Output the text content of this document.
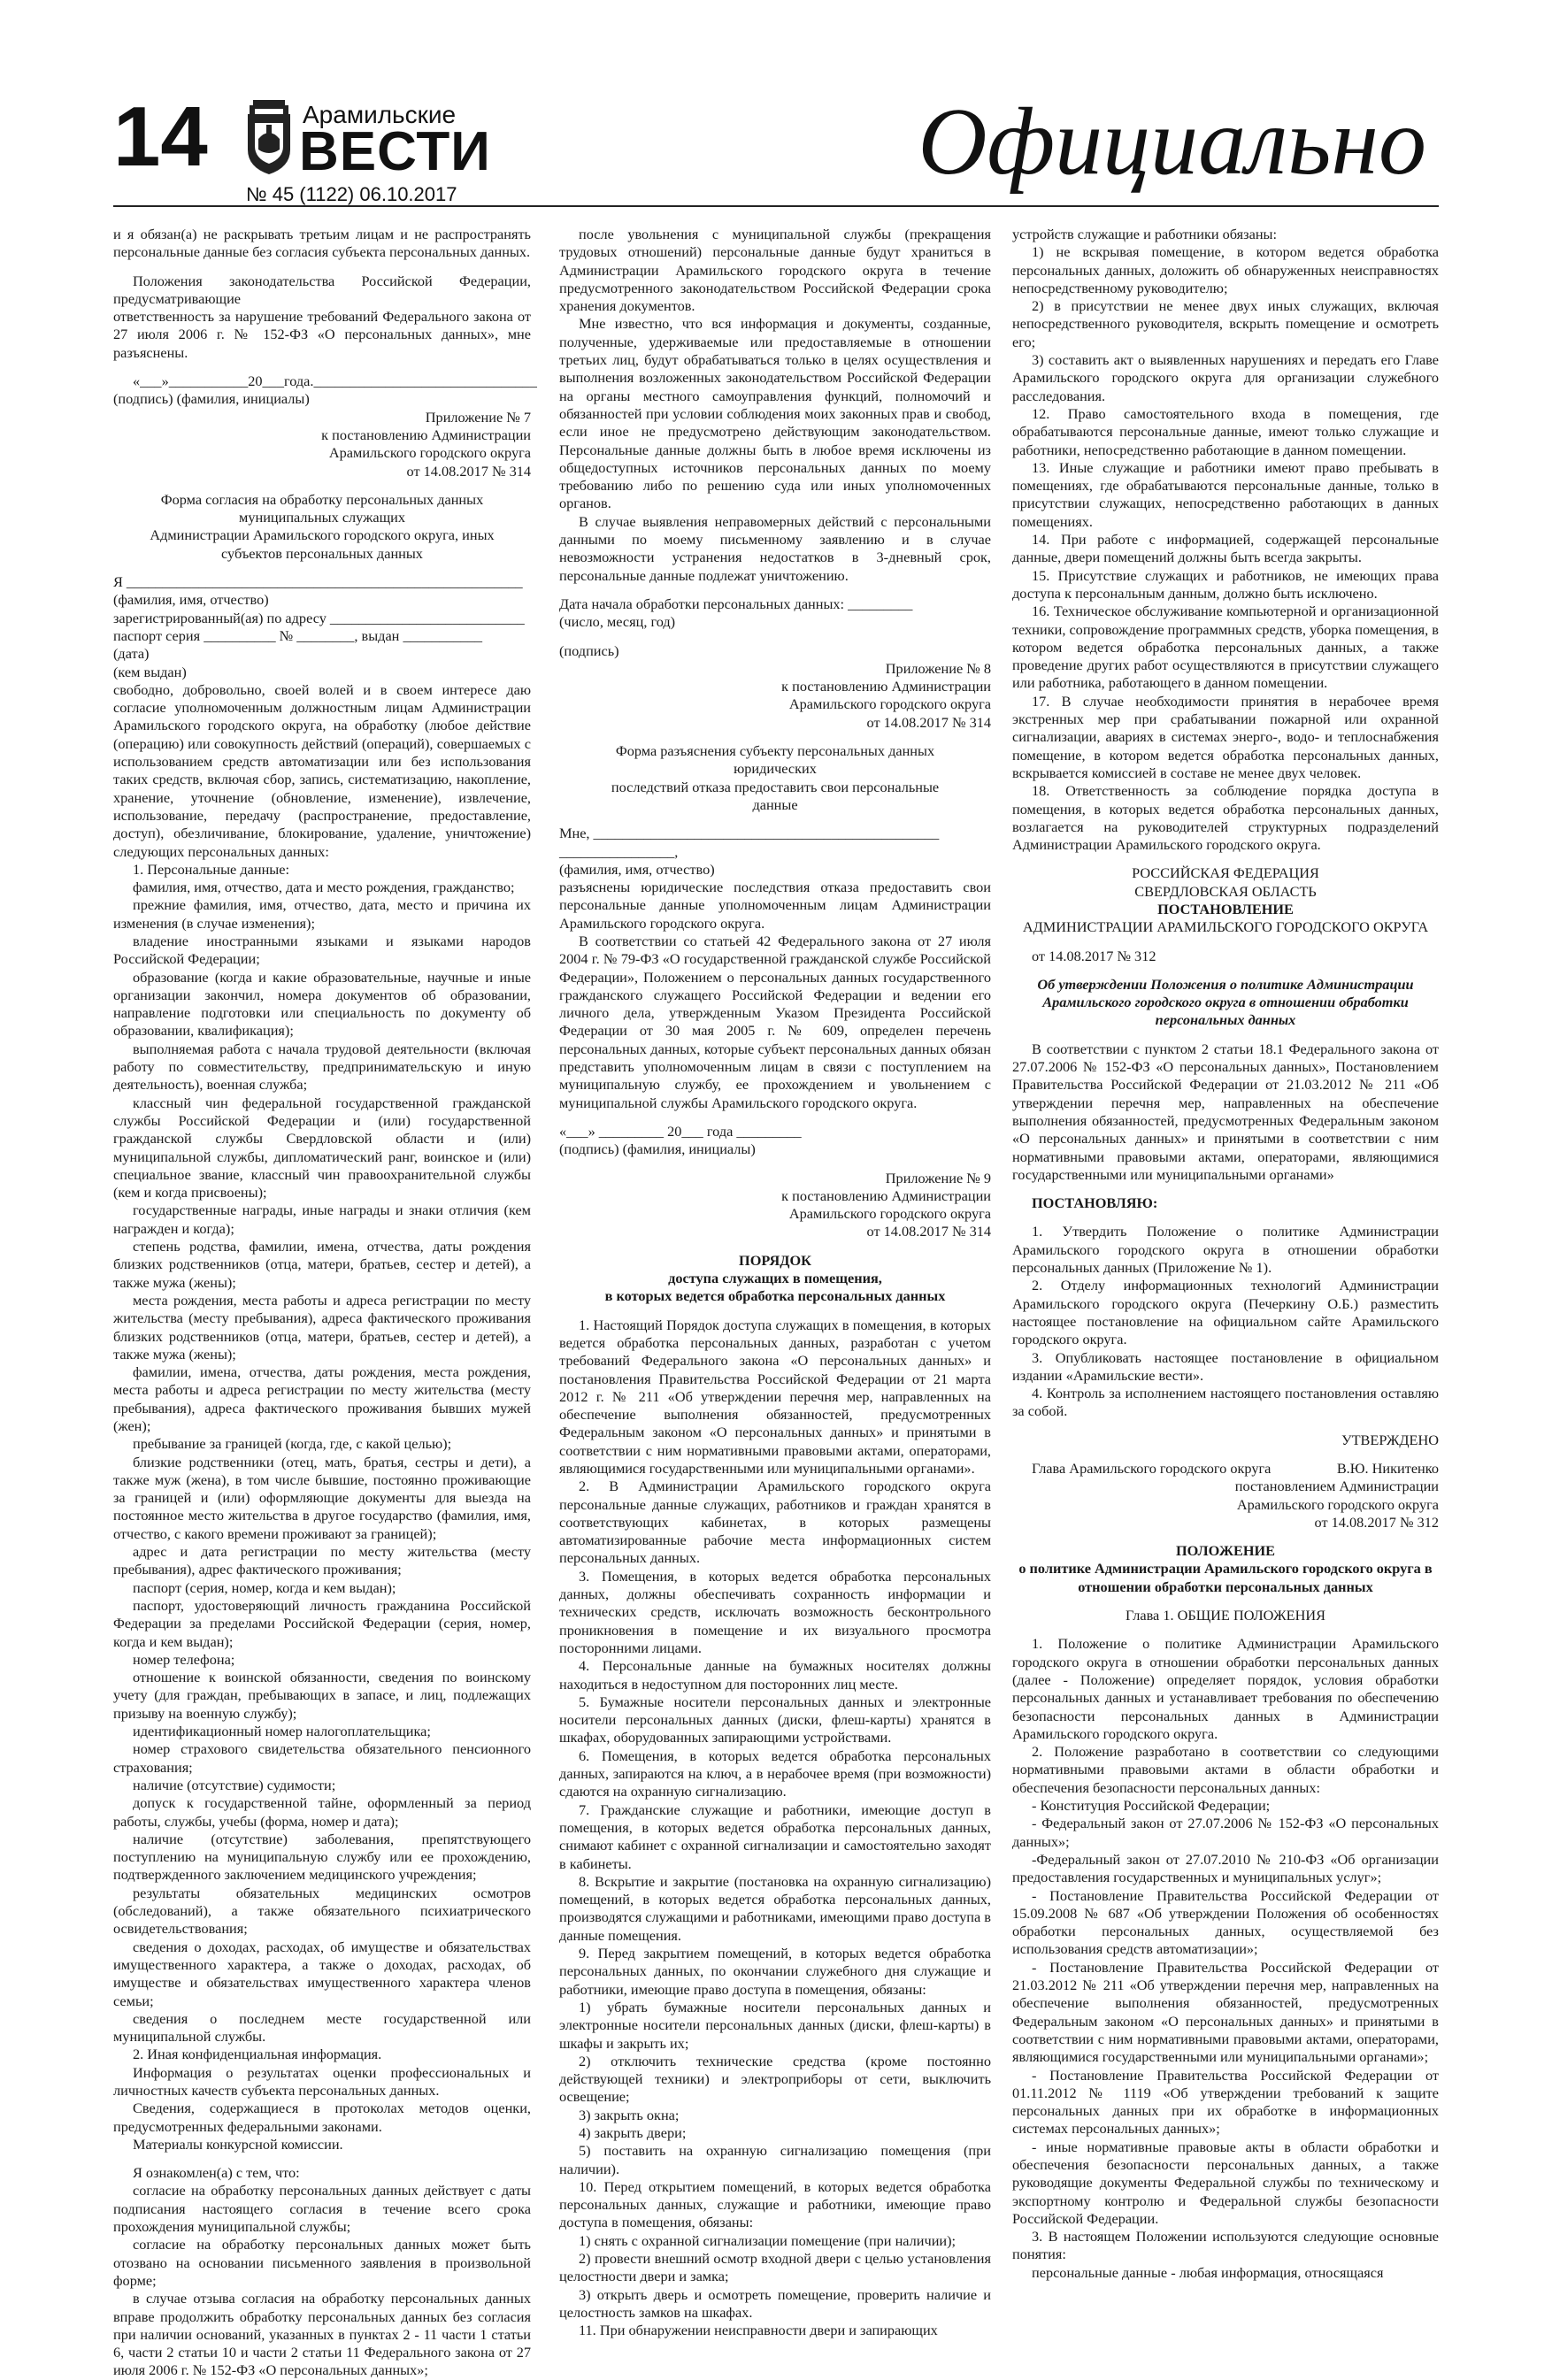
14	Арамильские
ВЕСТИ
№ 45 (1122) 06.10.2017	Официально

и я обязан(а) не раскрывать третьим лицам и не распространять персональные данные без согласия субъекта персональных данных.

Положения законодательства Российской Федерации, предусматривающие

ответственность за нарушение требований Федерального закона от 27 июля 2006 г. № 152-ФЗ «О персональных данных», мне разъяснены.

«___»___________20___года._______________________________

(подпись) (фамилия, инициалы)

Приложение № 7

к постановлению Администрации

Арамильского городского округа

от 14.08.2017 № 314

Форма согласия на обработку персональных данных

муниципальных служащих

Администрации Арамильского городского округа, иных

субъектов персональных данных

Я _______________________________________________________

(фамилия, имя, отчество)

зарегистрированный(ая) по адресу ___________________________

паспорт серия __________ № ________, выдан ___________

(дата)

(кем выдан)

свободно, добровольно, своей волей и в своем интересе даю согласие уполномоченным должностным лицам Администрации Арамильского городского округа, на обработку (любое действие (операцию) или совокупность действий (операций), совершаемых с использованием средств автоматизации или без использования таких средств, включая сбор, запись, систематизацию, накопление, хранение, уточнение (обновление, изменение), извлечение, использование, передачу (распространение, предоставление, доступ), обезличивание, блокирование, удаление, уничтожение) следующих персональных данных:

1. Персональные данные:

фамилия, имя, отчество, дата и место рождения, гражданство;

прежние фамилия, имя, отчество, дата, место и причина их изменения (в случае изменения);

владение иностранными языками и языками народов Российской Федерации;

образование (когда и какие образовательные, научные и иные организации закончил, номера документов об образовании, направление подготовки или специальность по документу об образовании, квалификация);

выполняемая работа с начала трудовой деятельности (включая работу по совместительству, предпринимательскую и иную деятельность), военная служба;

классный чин федеральной государственной гражданской службы Российской Федерации и (или) государственной гражданской службы Свердловской области и (или) муниципальной службы, дипломатический ранг, воинское и (или) специальное звание, классный чин правоохранительной службы (кем и когда присвоены);

государственные награды, иные награды и знаки отличия (кем награжден и когда);

степень родства, фамилии, имена, отчества, даты рождения близких родственников (отца, матери, братьев, сестер и детей), а также мужа (жены);

места рождения, места работы и адреса регистрации по месту жительства (месту пребывания), адреса фактического проживания близких родственников (отца, матери, братьев, сестер и детей), а также мужа (жены);

фамилии, имена, отчества, даты рождения, места рождения, места работы и адреса регистрации по месту жительства (месту пребывания), адреса фактического проживания бывших мужей (жен);

пребывание за границей (когда, где, с какой целью);

близкие родственники (отец, мать, братья, сестры и дети), а также муж (жена), в том числе бывшие, постоянно проживающие за границей и (или) оформляющие документы для выезда на постоянное место жительства в другое государство (фамилия, имя, отчество, с какого времени проживают за границей);

адрес и дата регистрации по месту жительства (месту пребывания), адрес фактического проживания;

паспорт (серия, номер, когда и кем выдан);

паспорт, удостоверяющий личность гражданина Российской Федерации за пределами Российской Федерации (серия, номер, когда и кем выдан);

номер телефона;

отношение к воинской обязанности, сведения по воинскому учету (для граждан, пребывающих в запасе, и лиц, подлежащих призыву на военную службу);

идентификационный номер налогоплательщика;

номер страхового свидетельства обязательного пенсионного страхования;

наличие (отсутствие) судимости;

допуск к государственной тайне, оформленный за период работы, службы, учебы (форма, номер и дата);

наличие (отсутствие) заболевания, препятствующего поступлению на муниципальную службу или ее прохождению, подтвержденного заключением медицинского учреждения;

результаты обязательных медицинских осмотров (обследований), а также обязательного психиатрического освидетельствования;

сведения о доходах, расходах, об имуществе и обязательствах имущественного характера, а также о доходах, расходах, об имуществе и обязательствах имущественного характера членов семьи;

сведения о последнем месте государственной или муниципальной службы.

2. Иная конфиденциальная информация.

Информация о результатах оценки профессиональных и личностных качеств субъекта персональных данных.

Сведения, содержащиеся в протоколах методов оценки, предусмотренных федеральными законами.

Материалы конкурсной комиссии.

Я ознакомлен(а) с тем, что:

согласие на обработку персональных данных действует с даты подписания настоящего согласия в течение всего срока прохождения муниципальной службы;

согласие на обработку персональных данных может быть отозвано на основании письменного заявления в произвольной форме;

в случае отзыва согласия на обработку персональных данных вправе продолжить обработку персональных данных без согласия при наличии оснований, указанных в пунктах 2 - 11 части 1 статьи 6, части 2 статьи 10 и части 2 статьи 11 Федерального закона от 27 июля 2006 г. № 152-ФЗ «О персональных данных»;

после увольнения с муниципальной службы (прекращения трудовых отношений) персональные данные будут храниться в Администрации Арамильского городского округа в течение предусмотренного законодательством Российской Федерации срока хранения документов.

Мне известно, что вся информация и документы, созданные, полученные, удерживаемые или предоставляемые в отношении третьих лиц, будут обрабатываться только в целях осуществления и выполнения возложенных законодательством Российской Федерации на органы местного самоуправления функций, полномочий и обязанностей при условии соблюдения моих законных прав и свобод, если иное не предусмотрено действующим законодательством. Персональные данные должны быть в любое время исключены из общедоступных источников персональных данных по моему требованию либо по решению суда или иных уполномоченных органов.

В случае выявления неправомерных действий с персональными данными по моему письменному заявлению и в случае невозможности устранения недостатков в 3-дневный срок, персональные данные подлежат уничтожению.

Дата начала обработки персональных данных: _________

(число, месяц, год)

(подпись)

Приложение № 8

к постановлению Администрации

Арамильского городского округа

от 14.08.2017 № 314

Форма разъяснения субъекту персональных данных

юридических

последствий отказа предоставить свои персональные

данные

Мне, ________________________________________________

________________,

(фамилия, имя, отчество)

разъяснены юридические последствия отказа предоставить свои персональные данные уполномоченным лицам Администрации Арамильского городского округа.

В соответствии со статьей 42 Федерального закона от 27 июля 2004 г. № 79-ФЗ «О государственной гражданской службе Российской Федерации», Положением о персональных данных государственного гражданского служащего Российской Федерации и ведении его личного дела, утвержденным Указом Президента Российской Федерации от 30 мая 2005 г. № 609, определен перечень персональных данных, которые субъект персональных данных обязан представить уполномоченным лицам в связи с поступлением на муниципальную службу, ее прохождением и увольнением с муниципальной службы Арамильского городского округа.

«___» _________ 20___ года _________

(подпись) (фамилия, инициалы)

Приложение № 9

к постановлению Администрации

Арамильского городского округа

от 14.08.2017 № 314

ПОРЯДОК

доступа служащих в помещения,

в которых ведется обработка персональных данных

1. Настоящий Порядок доступа служащих в помещения, в которых ведется обработка персональных данных, разработан с учетом требований Федерального закона «О персональных данных» и постановления Правительства Российской Федерации от 21 марта 2012 г. № 211 «Об утверждении перечня мер, направленных на обеспечение выполнения обязанностей, предусмотренных Федеральным законом «О персональных данных» и принятыми в соответствии с ним нормативными правовыми актами, операторами, являющимися государственными или муниципальными органами».

2. В Администрации Арамильского городского округа персональные данные служащих, работников и граждан хранятся в соответствующих кабинетах, в которых размещены автоматизированные рабочие места информационных систем персональных данных.

3. Помещения, в которых ведется обработка персональных данных, должны обеспечивать сохранность информации и технических средств, исключать возможность бесконтрольного проникновения в помещение и их визуального просмотра посторонними лицами.

4. Персональные данные на бумажных носителях должны находиться в недоступном для посторонних лиц месте.

5. Бумажные носители персональных данных и электронные носители персональных данных (диски, флеш-карты) хранятся в шкафах, оборудованных запирающими устройствами.

6. Помещения, в которых ведется обработка персональных данных, запираются на ключ, а в нерабочее время (при возможности) сдаются на охранную сигнализацию.

7. Гражданские служащие и работники, имеющие доступ в помещения, в которых ведется обработка персональных данных, снимают кабинет с охранной сигнализации и самостоятельно заходят в кабинеты.

8. Вскрытие и закрытие (постановка на охранную сигнализацию) помещений, в которых ведется обработка персональных данных, производятся служащими и работниками, имеющими право доступа в данные помещения.

9. Перед закрытием помещений, в которых ведется обработка персональных данных, по окончании служебного дня служащие и работники, имеющие право доступа в помещения, обязаны:

1) убрать бумажные носители персональных данных и электронные носители персональных данных (диски, флеш-карты) в шкафы и закрыть их;

2) отключить технические средства (кроме постоянно действующей техники) и электроприборы от сети, выключить освещение;

3) закрыть окна;

4) закрыть двери;

5) поставить на охранную сигнализацию помещения (при наличии).

10. Перед открытием помещений, в которых ведется обработка персональных данных, служащие и работники, имеющие право доступа в помещения, обязаны:

1) снять с охранной сигнализации помещение (при наличии);

2) провести внешний осмотр входной двери с целью установления целостности двери и замка;

3) открыть дверь и осмотреть помещение, проверить наличие и целостность замков на шкафах.

11. При обнаружении неисправности двери и запирающих

устройств служащие и работники обязаны:

1) не вскрывая помещение, в котором ведется обработка персональных данных, доложить об обнаруженных неисправностях непосредственному руководителю;

2) в присутствии не менее двух иных служащих, включая непосредственного руководителя, вскрыть помещение и осмотреть его;

3) составить акт о выявленных нарушениях и передать его Главе Арамильского городского округа для организации служебного расследования.

12. Право самостоятельного входа в помещения, где обрабатываются персональные данные, имеют только служащие и работники, непосредственно работающие в данном помещении.

13. Иные служащие и работники имеют право пребывать в помещениях, где обрабатываются персональные данные, только в присутствии служащих, непосредственно работающих в данных помещениях.

14. При работе с информацией, содержащей персональные данные, двери помещений должны быть всегда закрыты.

15. Присутствие служащих и работников, не имеющих права доступа к персональным данным, должно быть исключено.

16. Техническое обслуживание компьютерной и организационной техники, сопровождение программных средств, уборка помещения, в котором ведется обработка персональных данных, а также проведение других работ осуществляются в присутствии служащего или работника, работающего в данном помещении.

17. В случае необходимости принятия в нерабочее время экстренных мер при срабатывании пожарной или охранной сигнализации, авариях в системах энерго-, водо- и теплоснабжения помещение, в котором ведется обработка персональных данных, вскрывается комиссией в составе не менее двух человек.

18. Ответственность за соблюдение порядка доступа в помещения, в которых ведется обработка персональных данных, возлагается на руководителей структурных подразделений Администрации Арамильского городского округа.

РОССИЙСКАЯ ФЕДЕРАЦИЯ

СВЕРДЛОВСКАЯ ОБЛАСТЬ

ПОСТАНОВЛЕНИЕ

АДМИНИСТРАЦИИ АРАМИЛЬСКОГО ГОРОДСКОГО ОКРУГА

от 14.08.2017 № 312

Об утверждении Положения о политике Администрации Арамильского городского округа в отношении обработки персональных данных

В соответствии с пунктом 2 статьи 18.1 Федерального закона от 27.07.2006 № 152-ФЗ «О персональных данных», Постановлением Правительства Российской Федерации от 21.03.2012 № 211 «Об утверждении перечня мер, направленных на обеспечение выполнения обязанностей, предусмотренных Федеральным законом «О персональных данных» и принятыми в соответствии с ним нормативными правовыми актами, операторами, являющимися государственными или муниципальными органами»

ПОСТАНОВЛЯЮ:

1. Утвердить Положение о политике Администрации Арамильского городского округа в отношении обработки персональных данных (Приложение № 1).

2. Отделу информационных технологий Администрации Арамильского городского округа (Печеркину О.Б.) разместить настоящее постановление на официальном сайте Арамильского городского округа.

3. Опубликовать настоящее постановление в официальном издании «Арамильские вести».

4. Контроль за исполнением настоящего постановления оставляю за собой.

УТВЕРЖДЕНО

Глава Арамильского городского округа	В.Ю. Никитенко

постановлением Администрации

Арамильского городского округа

от 14.08.2017 № 312

ПОЛОЖЕНИЕ

о политике Администрации Арамильского городского округа в отношении обработки персональных данных

Глава 1. ОБЩИЕ ПОЛОЖЕНИЯ

1. Положение о политике Администрации Арамильского городского округа в отношении обработки персональных данных (далее - Положение) определяет порядок, условия обработки персональных данных и устанавливает требования по обеспечению безопасности персональных данных в Администрации Арамильского городского округа.

2. Положение разработано в соответствии со следующими нормативными правовыми актами в области обработки и обеспечения безопасности персональных данных:

- Конституция Российской Федерации;

- Федеральный закон от 27.07.2006 № 152-ФЗ «О персональных данных»;

-Федеральный закон от 27.07.2010 № 210-ФЗ «Об организации предоставления государственных и муниципальных услуг»;

- Постановление Правительства Российской Федерации от 15.09.2008 № 687 «Об утверждении Положения об особенностях обработки персональных данных, осуществляемой без использования средств автоматизации»;

- Постановление Правительства Российской Федерации от 21.03.2012 № 211 «Об утверждении перечня мер, направленных на обеспечение выполнения обязанностей, предусмотренных Федеральным законом «О персональных данных» и принятыми в соответствии с ним нормативными правовыми актами, операторами, являющимися государственными или муниципальными органами»;

- Постановление Правительства Российской Федерации от 01.11.2012 № 1119 «Об утверждении требований к защите персональных данных при их обработке в информационных системах персональных данных»;

- иные нормативные правовые акты в области обработки и обеспечения безопасности персональных данных, а также руководящие документы Федеральной службы по техническому и экспортному контролю и Федеральной службы безопасности Российской Федерации.

3. В настоящем Положении используются следующие основные понятия:

персональные данные - любая информация, относящаяся
